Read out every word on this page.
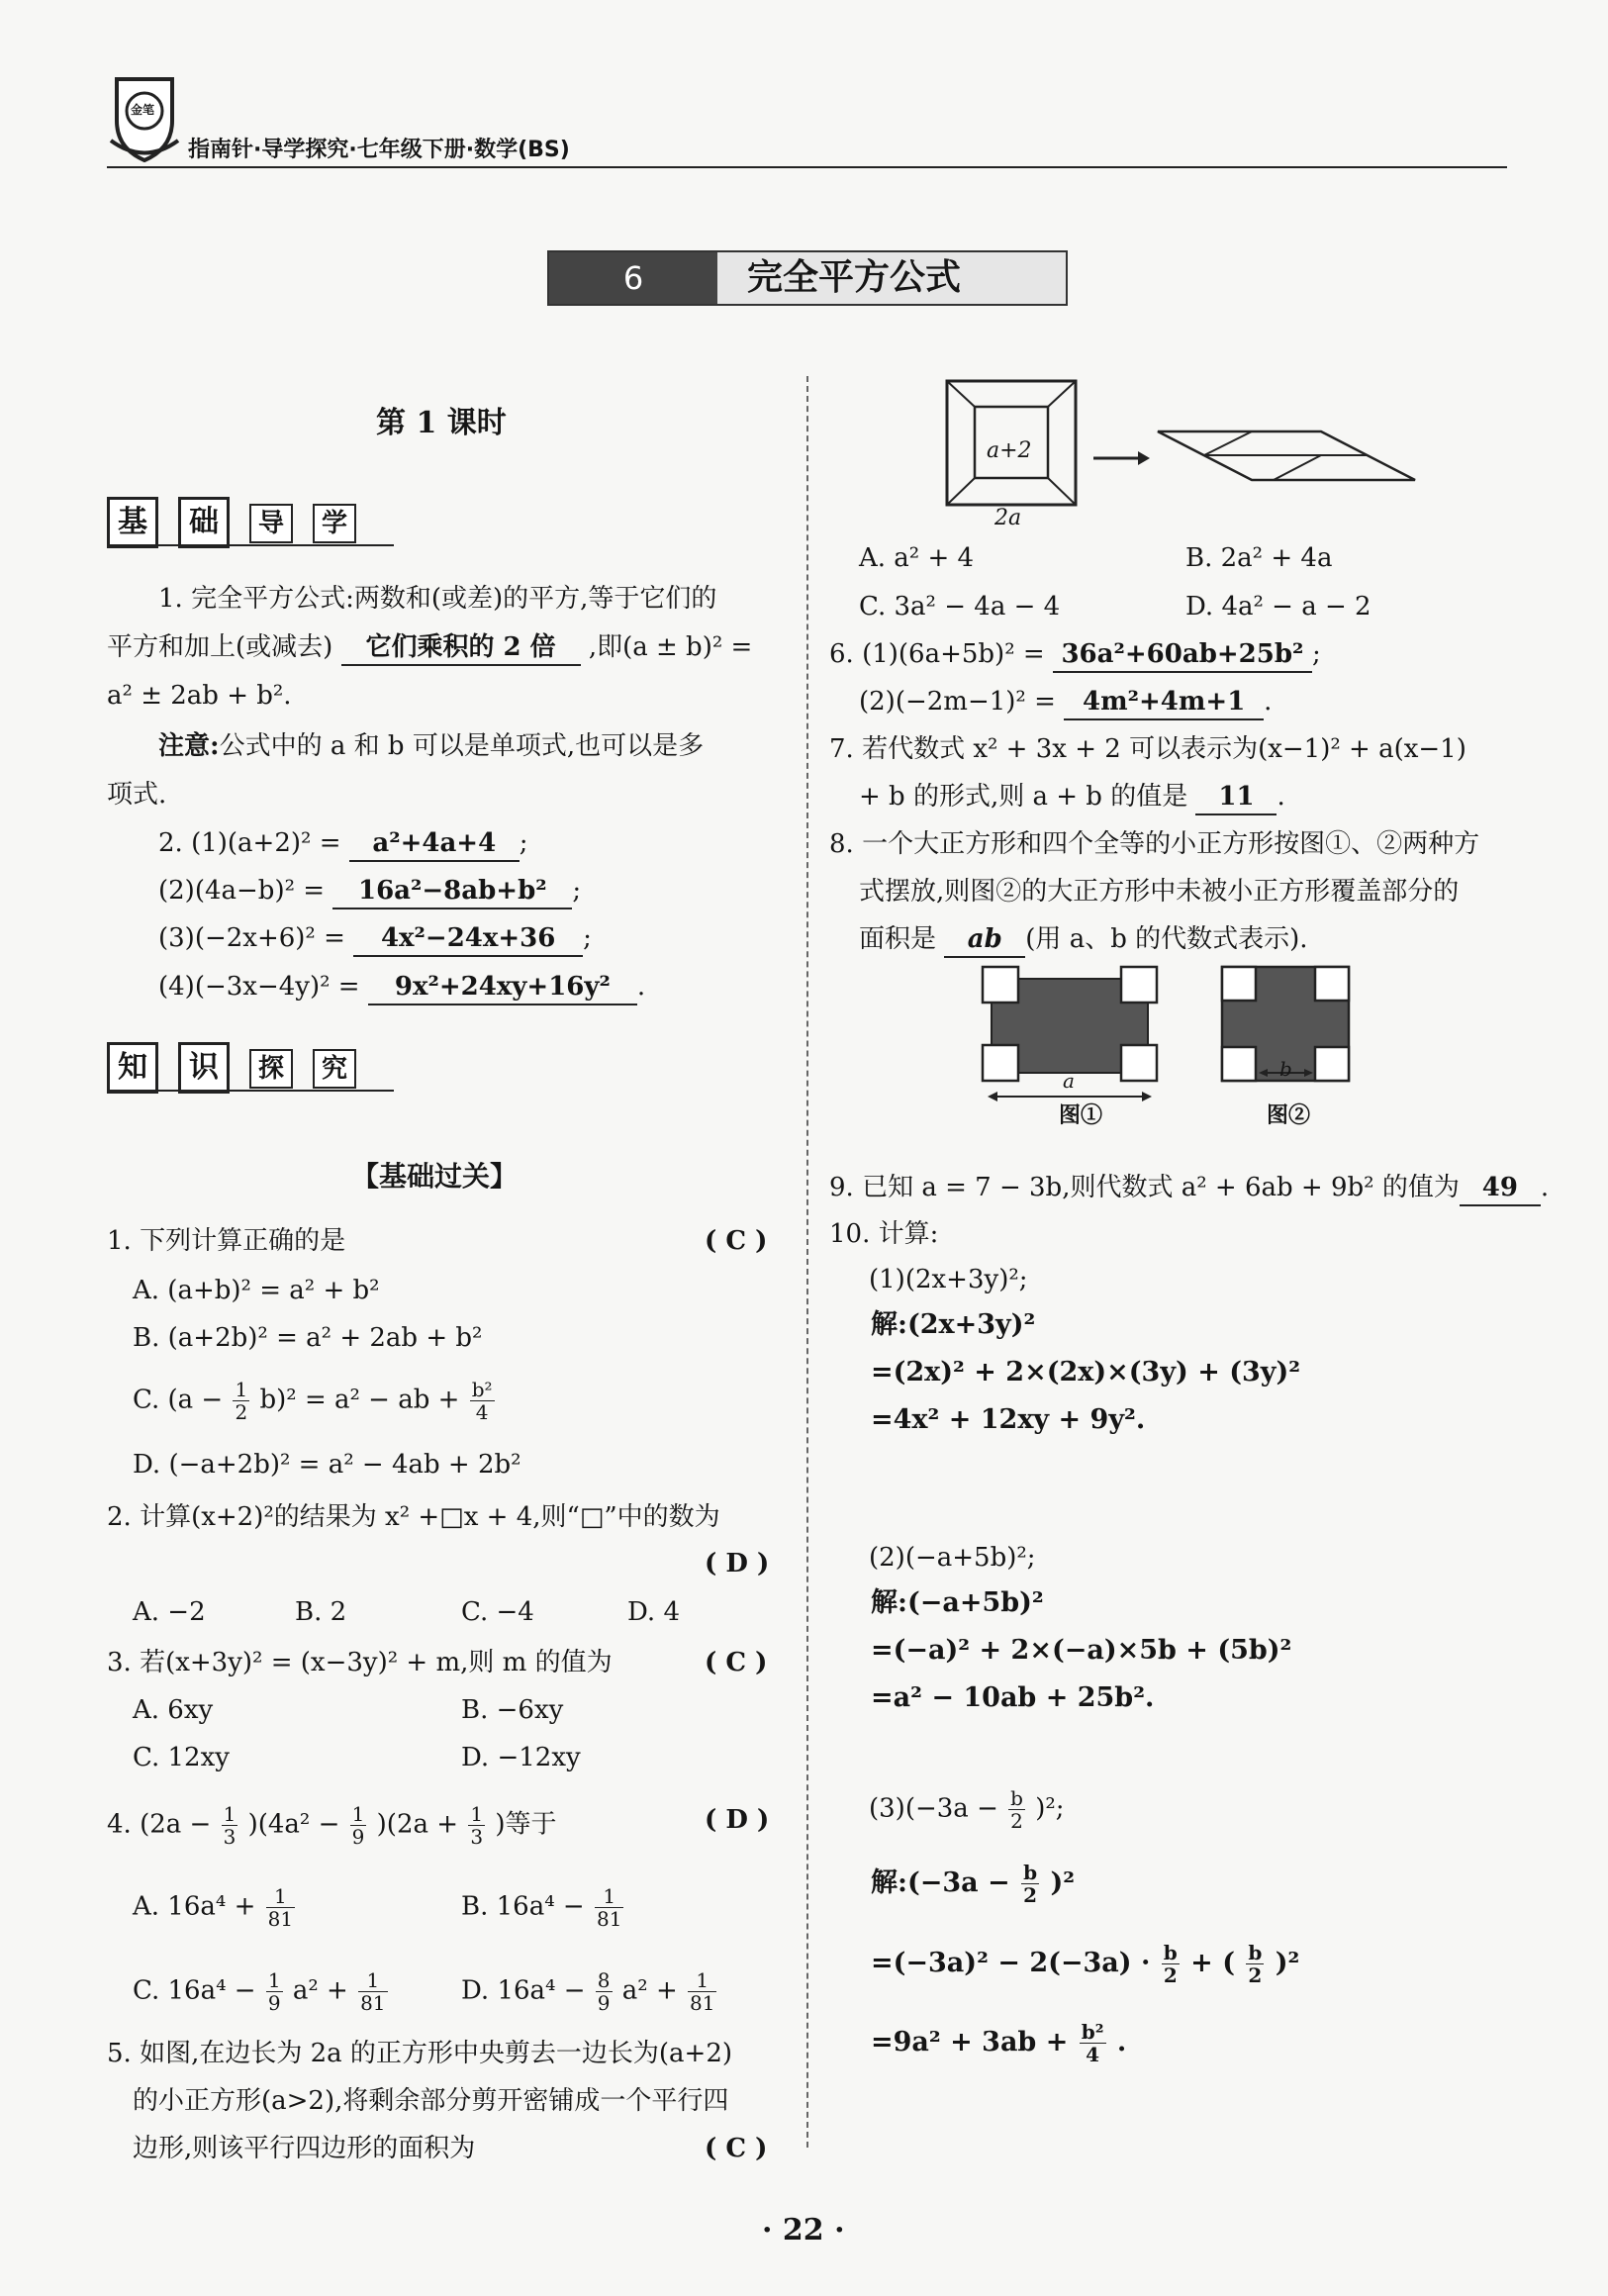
金笔
指南针·导学探究·七年级下册·数学(BS)
6	完全平方公式
第 1 课时
基 础 导 学
1. 完全平方公式:两数和(或差)的平方,等于它们的
平方和加上(或减去) 它们乘积的 2 倍 ,即(a ± b)² =
a² ± 2ab + b².
注意:公式中的 a 和 b 可以是单项式,也可以是多
项式.
2. (1)(a+2)² = a²+4a+4 ;
(2)(4a−b)² = 16a²−8ab+b² ;
(3)(−2x+6)² = 4x²−24x+36 ;
(4)(−3x−4y)² = 9x²+24xy+16y² .
知 识 探 究
【基础过关】
1. 下列计算正确的是	( C )
A. (a+b)² = a² + b²
B. (a+2b)² = a² + 2ab + b²
C. $(a - \frac{1}{2} b)^2 = a^2$ − ab + $\frac{\text{b²}}{4}$
D. (−a+2b)² = a² − 4ab + 2b²
2. 计算(x+2)²的结果为 x² +□x + 4,则“□”中的数为
( D )
A. −2	B. 2	C. −4	D. 4
3. 若(x+3y)² = (x−3y)² + m,则 m 的值为	( C )
A. 6xy	B. −6xy
C. 12xy	D. −12xy
4. $(2a - \frac{1}{3} )(4a^2 - \frac{1}{9} )(2a + \frac{1}{3}$ )等于	( D )
A. $16a^4 + \frac{1}{81}$	B. $16a^4 - \frac{1}{81}$
C. $16a^4 - \frac{1}{9} a^2 + \frac{1}{81}$	D. $16a^4 - \frac{8}{9} a^2 + \frac{1}{81}$
5. 如图,在边长为 2a 的正方形中央剪去一边长为(a+2)
的小正方形(a>2),将剩余部分剪开密铺成一个平行四
边形,则该平行四边形的面积为	( C )
a+2
2a
A. a² + 4	B. 2a² + 4a
C. 3a² − 4a − 4	D. 4a² − a − 2
6. (1)(6a+5b)² = 36a²+60ab+25b² ;
(2)(−2m−1)² = 4m²+4m+1 .
7. 若代数式 x² + 3x + 2 可以表示为(x−1)² + a(x−1)
+ b 的形式,则 a + b 的值是 11 .
8. 一个大正方形和四个全等的小正方形按图①、②两种方
式摆放,则图②的大正方形中未被小正方形覆盖部分的
面积是 ab (用 a、b 的代数式表示).
a	b
图①	图②
9. 已知 a = 7 − 3b,则代数式 a² + 6ab + 9b² 的值为 49 .
10. 计算:
(1)(2x+3y)²;
解:(2x+3y)²
=(2x)² + 2×(2x)×(3y) + (3y)²
=4x² + 12xy + 9y².
(2)(−a+5b)²;
解:(−a+5b)²
=(−a)² + 2×(−a)×5b + (5b)²
=a² − 10ab + 25b².
$(3)(-3a - \frac{b}{2} )^2$;
解:(−3a − $\frac{b}{2} )^2$
$=(-3a)^2 - 2(-3a) \cdot \frac{b}{2}$ + ( $\frac{b}{2} )^2$
$=9a^2 + 3ab + \frac{\text{b²}}{4}$ .
· 22 ·
